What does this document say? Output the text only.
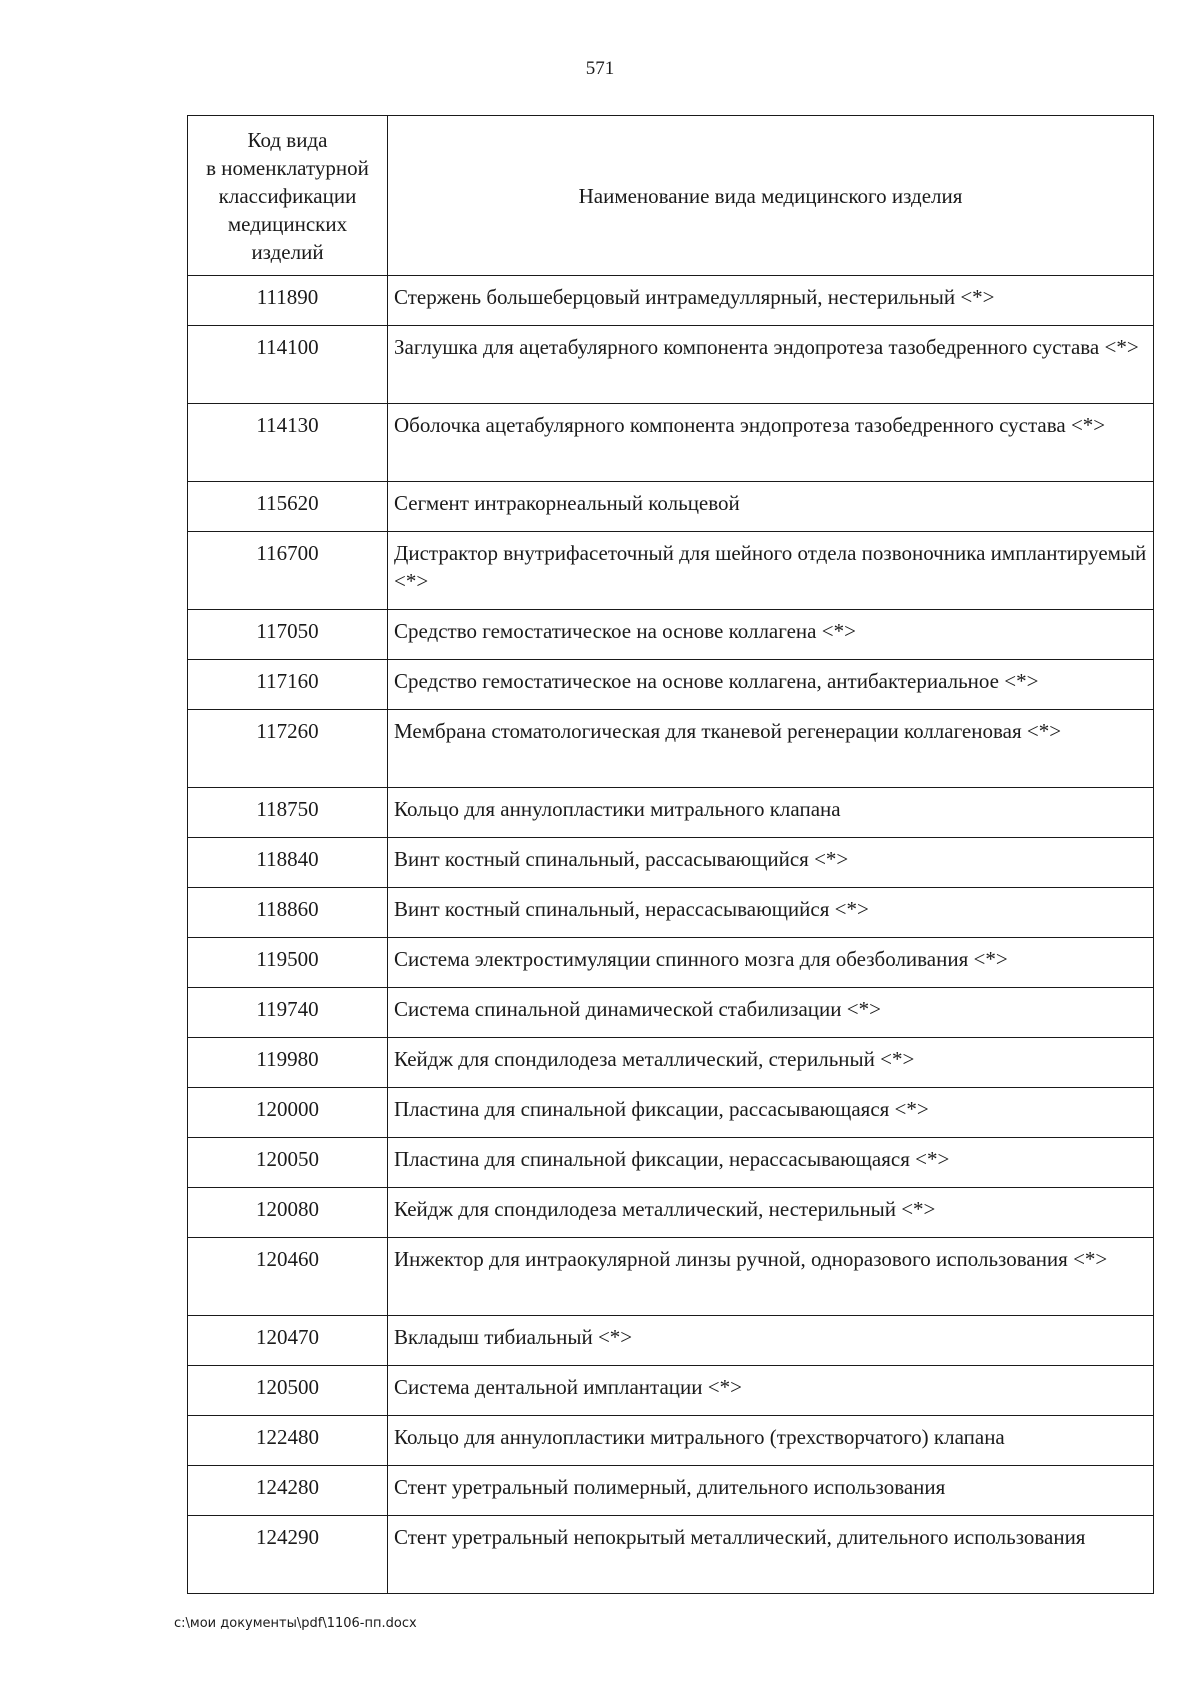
571
Код вида
в номенклатурной
классификации
медицинских
изделий	Наименование вида медицинского изделия
111890	Стержень большеберцовый интрамедуллярный, нестерильный <*>
114100	Заглушка для ацетабулярного компонента эндопротеза тазобедренного сустава <*>
114130	Оболочка ацетабулярного компонента эндопротеза тазобедренного сустава <*>
115620	Сегмент интракорнеальный кольцевой
116700	Дистрактор внутрифасеточный для шейного отдела позвоночника имплантируемый <*>
117050	Средство гемостатическое на основе коллагена <*>
117160	Средство гемостатическое на основе коллагена, антибактериальное <*>
117260	Мембрана стоматологическая для тканевой регенерации коллагеновая <*>
118750	Кольцо для аннулопластики митрального клапана
118840	Винт костный спинальный, рассасывающийся <*>
118860	Винт костный спинальный, нерассасывающийся <*>
119500	Система электростимуляции спинного мозга для обезболивания <*>
119740	Система спинальной динамической стабилизации <*>
119980	Кейдж для спондилодеза металлический, стерильный <*>
120000	Пластина для спинальной фиксации, рассасывающаяся <*>
120050	Пластина для спинальной фиксации, нерассасывающаяся <*>
120080	Кейдж для спондилодеза металлический, нестерильный <*>
120460	Инжектор для интраокулярной линзы ручной, одноразового использования <*>
120470	Вкладыш тибиальный <*>
120500	Система дентальной имплантации <*>
122480	Кольцо для аннулопластики митрального (трехстворчатого) клапана
124280	Стент уретральный полимерный, длительного использования
124290	Стент уретральный непокрытый металлический, длительного использования
c:\мои документы\pdf\1106-пп.docx
